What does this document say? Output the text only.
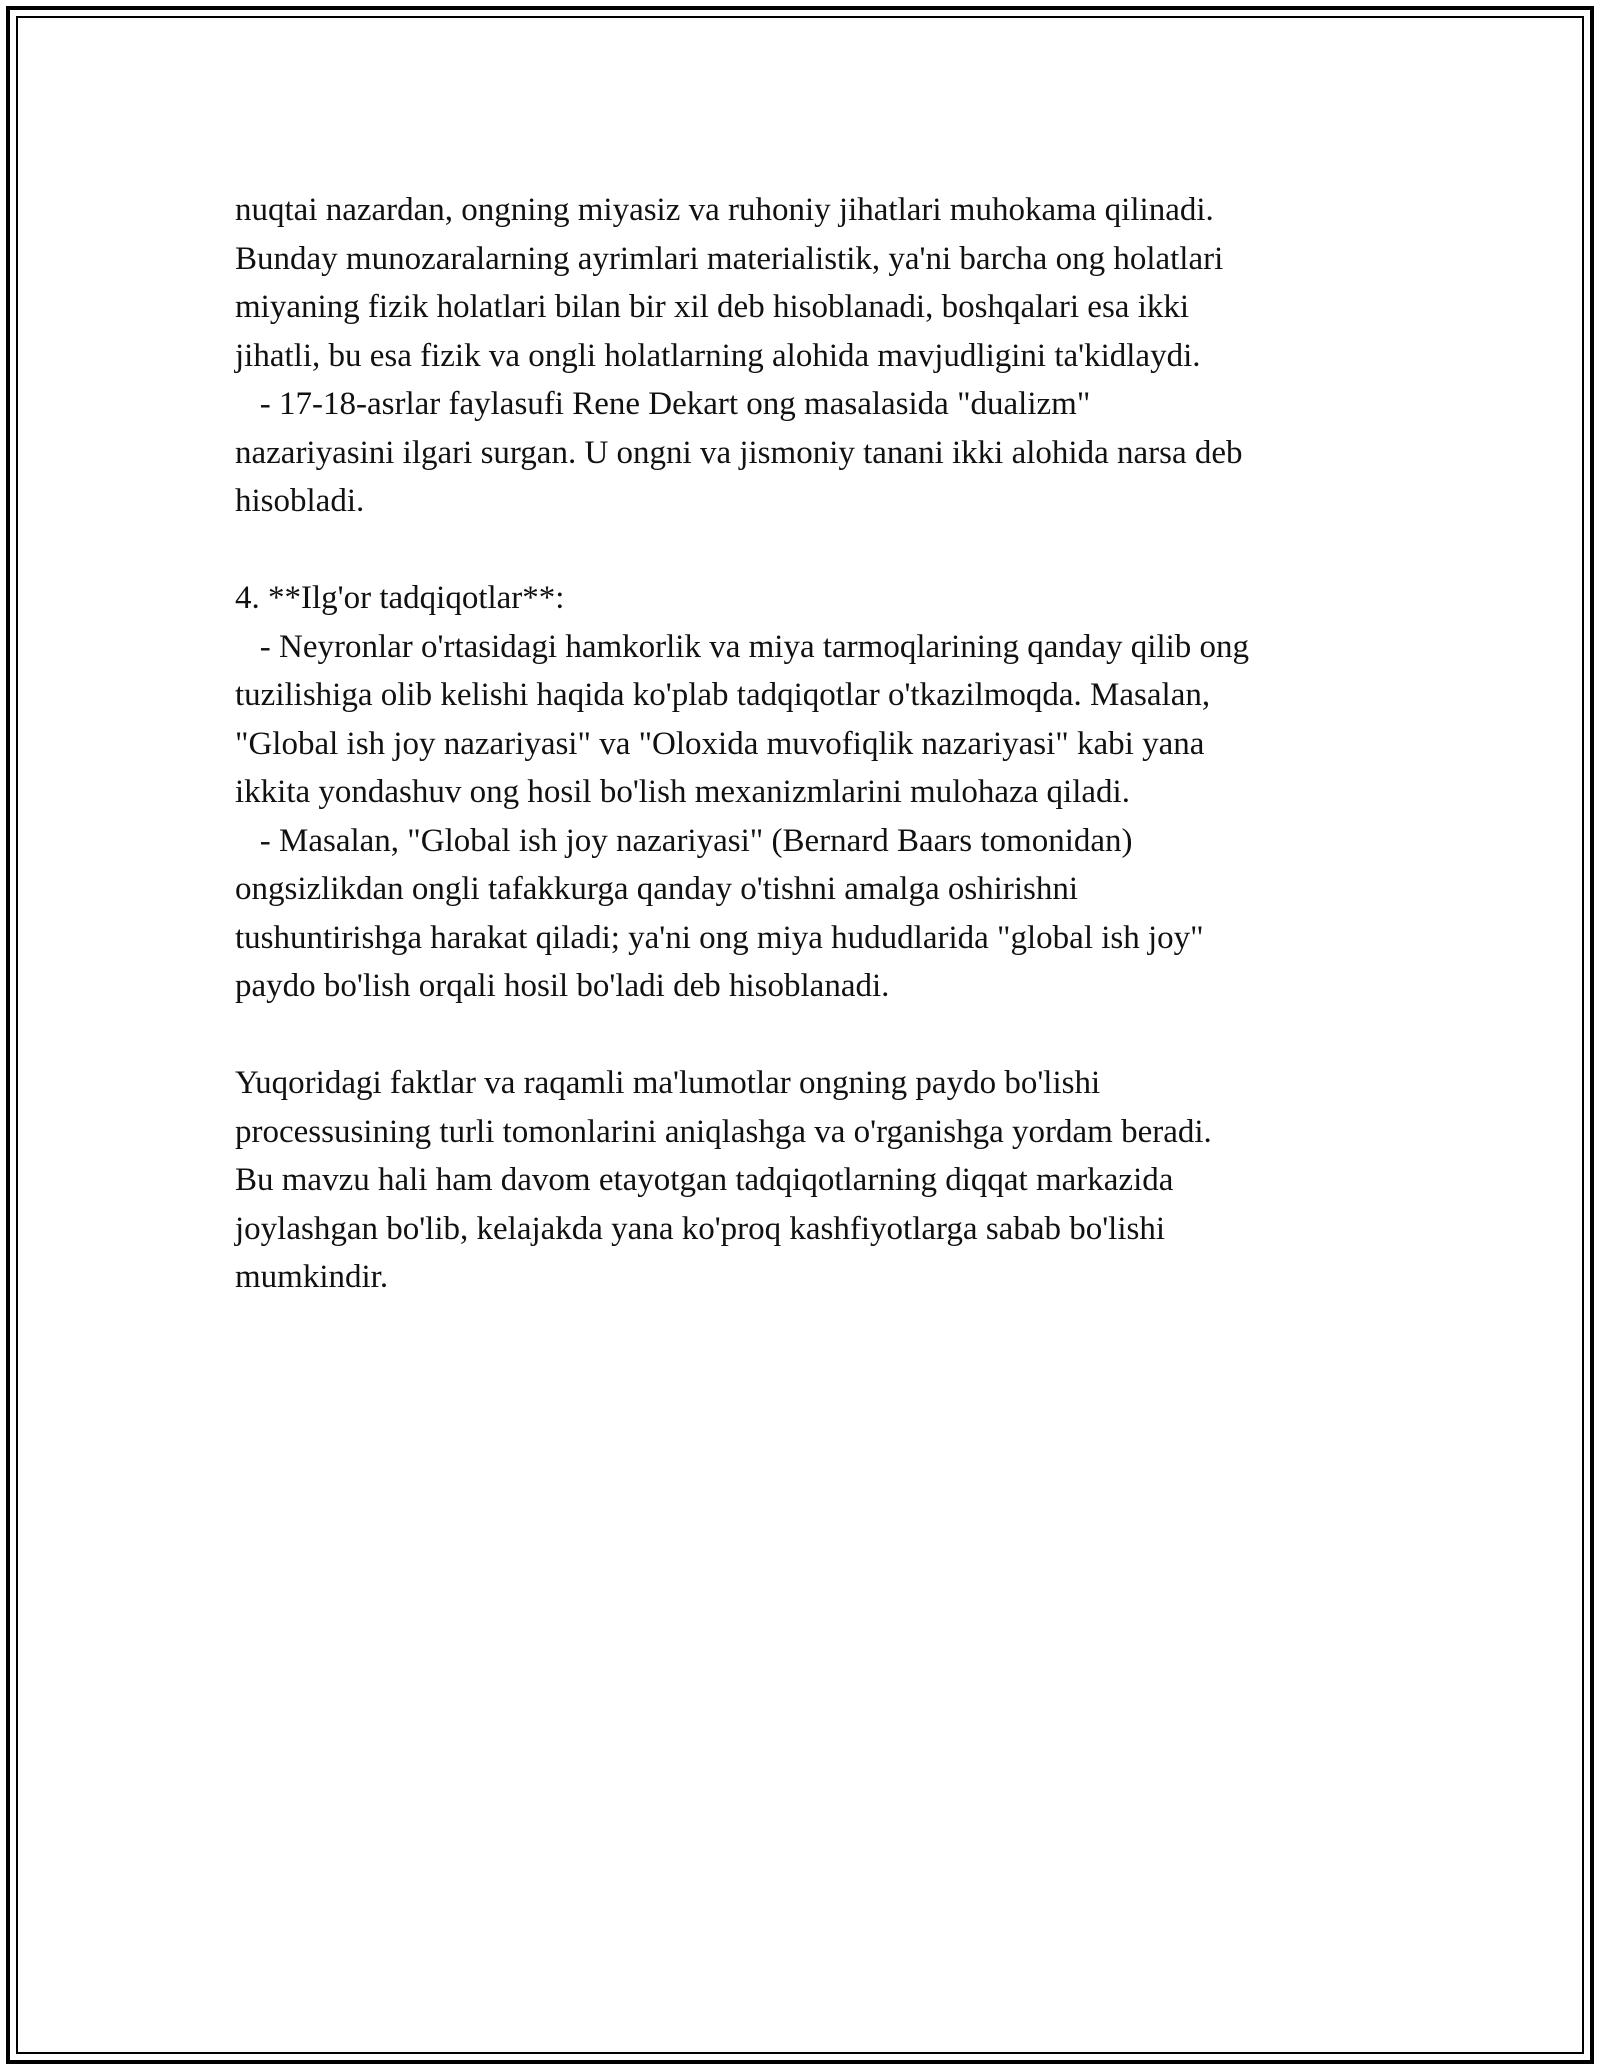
nuqtai nazardan, ongning miyasiz va ruhoniy jihatlari muhokama qilinadi.
Bunday munozaralarning ayrimlari materialistik, ya'ni barcha ong holatlari
miyaning fizik holatlari bilan bir xil deb hisoblanadi, boshqalari esa ikki
jihatli, bu esa fizik va ongli holatlarning alohida mavjudligini ta'kidlaydi.
- 17-18-asrlar faylasufi Rene Dekart ong masalasida "dualizm"
nazariyasini ilgari surgan. U ongni va jismoniy tanani ikki alohida narsa deb
hisobladi.
4. **Ilg'or tadqiqotlar**:
- Neyronlar o'rtasidagi hamkorlik va miya tarmoqlarining qanday qilib ong
tuzilishiga olib kelishi haqida ko'plab tadqiqotlar o'tkazilmoqda. Masalan,
"Global ish joy nazariyasi" va "Oloxida muvofiqlik nazariyasi" kabi yana
ikkita yondashuv ong hosil bo'lish mexanizmlarini mulohaza qiladi.
- Masalan, "Global ish joy nazariyasi" (Bernard Baars tomonidan)
ongsizlikdan ongli tafakkurga qanday o'tishni amalga oshirishni
tushuntirishga harakat qiladi; ya'ni ong miya hududlarida "global ish joy"
paydo bo'lish orqali hosil bo'ladi deb hisoblanadi.
Yuqoridagi faktlar va raqamli ma'lumotlar ongning paydo bo'lishi
processusining turli tomonlarini aniqlashga va o'rganishga yordam beradi.
Bu mavzu hali ham davom etayotgan tadqiqotlarning diqqat markazida
joylashgan bo'lib, kelajakda yana ko'proq kashfiyotlarga sabab bo'lishi
mumkindir.
